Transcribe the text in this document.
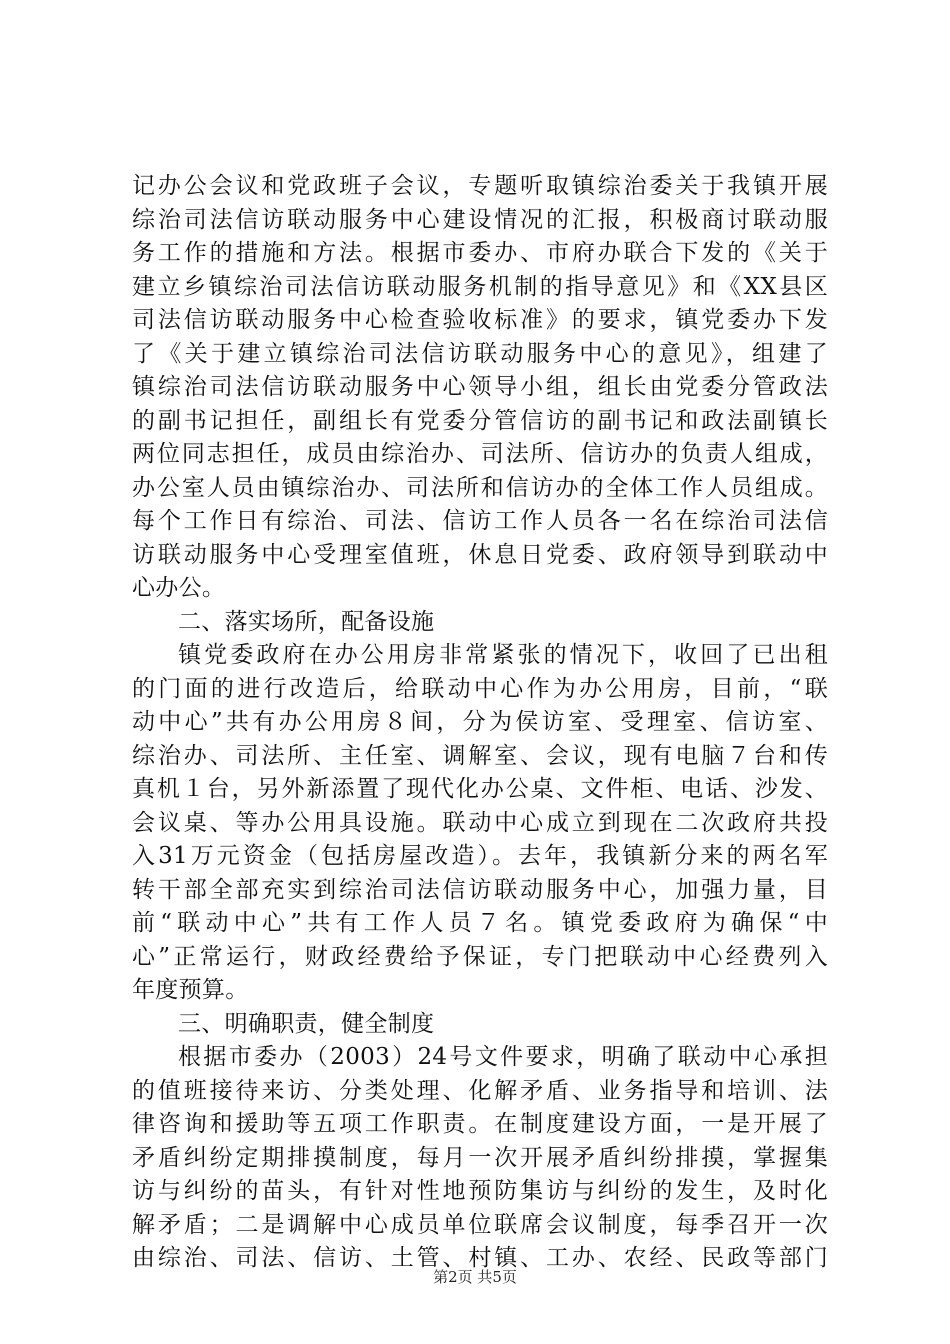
记办公会议和党政班子会议，专题听取镇综治委关于我镇开展
综治司法信访联动服务中心建设情况的汇报，积极商讨联动服
务工作的措施和方法。根据市委办、市府办联合下发的《关于
建立乡镇综治司法信访联动服务机制的指导意见》和《XX县区
司法信访联动服务中心检查验收标准》的要求，镇党委办下发
了《关于建立镇综治司法信访联动服务中心的意见》，组建了
镇综治司法信访联动服务中心领导小组，组长由党委分管政法
的副书记担任，副组长有党委分管信访的副书记和政法副镇长
两位同志担任，成员由综治办、司法所、信访办的负责人组成，
办公室人员由镇综治办、司法所和信访办的全体工作人员组成。
每个工作日有综治、司法、信访工作人员各一名在综治司法信
访联动服务中心受理室值班，休息日党委、政府领导到联动中
心办公。
二、落实场所，配备设施
镇党委政府在办公用房非常紧张的情况下，收回了已出租
的门面的进行改造后，给联动中心作为办公用房，目前，“联
动中心”共有办公用房８间，分为侯访室、受理室、信访室、
综治办、司法所、主任室、调解室、会议，现有电脑７台和传
真机１台，另外新添置了现代化办公桌、文件柜、电话、沙发、
会议桌、等办公用具设施。联动中心成立到现在二次政府共投
入31万元资金（包括房屋改造）。去年，我镇新分来的两名军
转干部全部充实到综治司法信访联动服务中心，加强力量，目
前“联动中心”共有工作人员７名。镇党委政府为确保“中
心”正常运行，财政经费给予保证，专门把联动中心经费列入
年度预算。
三、明确职责，健全制度
根据市委办（2003）24号文件要求，明确了联动中心承担
的值班接待来访、分类处理、化解矛盾、业务指导和培训、法
律咨询和援助等五项工作职责。在制度建设方面，一是开展了
矛盾纠纷定期排摸制度，每月一次开展矛盾纠纷排摸，掌握集
访与纠纷的苗头，有针对性地预防集访与纠纷的发生，及时化
解矛盾；二是调解中心成员单位联席会议制度，每季召开一次
由综治、司法、信访、土管、村镇、工办、农经、民政等部门
第2页 共5页
